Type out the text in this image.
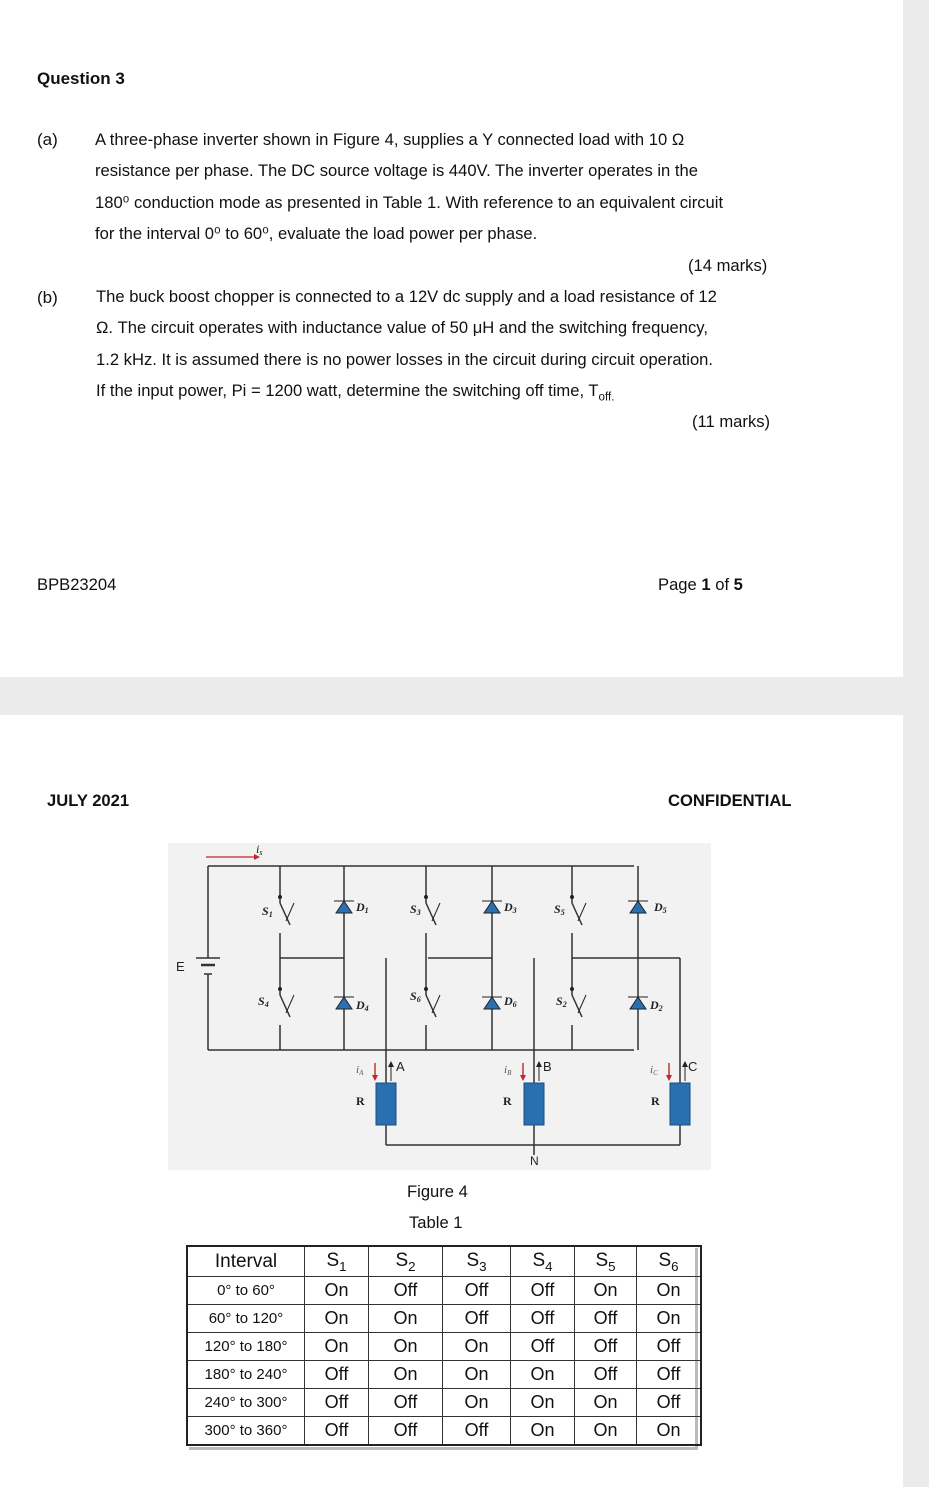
Question 3
(a) A three-phase inverter shown in Figure 4, supplies a Y connected load with 10 Ω
resistance per phase. The DC source voltage is 440V. The inverter operates in the
180⁰ conduction mode as presented in Table 1. With reference to an equivalent circuit
for the interval 0⁰ to 60⁰, evaluate the load power per phase.
(14 marks)
(b) The buck boost chopper is connected to a 12V dc supply and a load resistance of 12
Ω. The circuit operates with inductance value of 50 μH and the switching frequency,
1.2 kHz. It is assumed there is no power losses in the circuit during circuit operation.
If the input power, Pi = 1200 watt, determine the switching off time, $T_{off.}$
(11 marks)
BPB23204	Page 1 of 5
JULY 2021	CONFIDENTIAL
is
S1	S3	S5
S4
S6	S2
D1	D3	D5
D4
D6	D2
E
A	B	C
iA	iB	iC
R	R	R
N
Figure 4
Table 1
Interval	$S_1$	$S_2$	$S_3$	$S_4$	$S_5$	$S_6$
0° to 60°	On	Off	Off	Off	On	On
60° to 120°	On	On	Off	Off	Off	On
120° to 180°	On	On	On	Off	Off	Off
180° to 240°	Off	On	On	On	Off	Off
240° to 300°	Off	Off	On	On	On	Off
300° to 360°	Off	Off	Off	On	On	On
